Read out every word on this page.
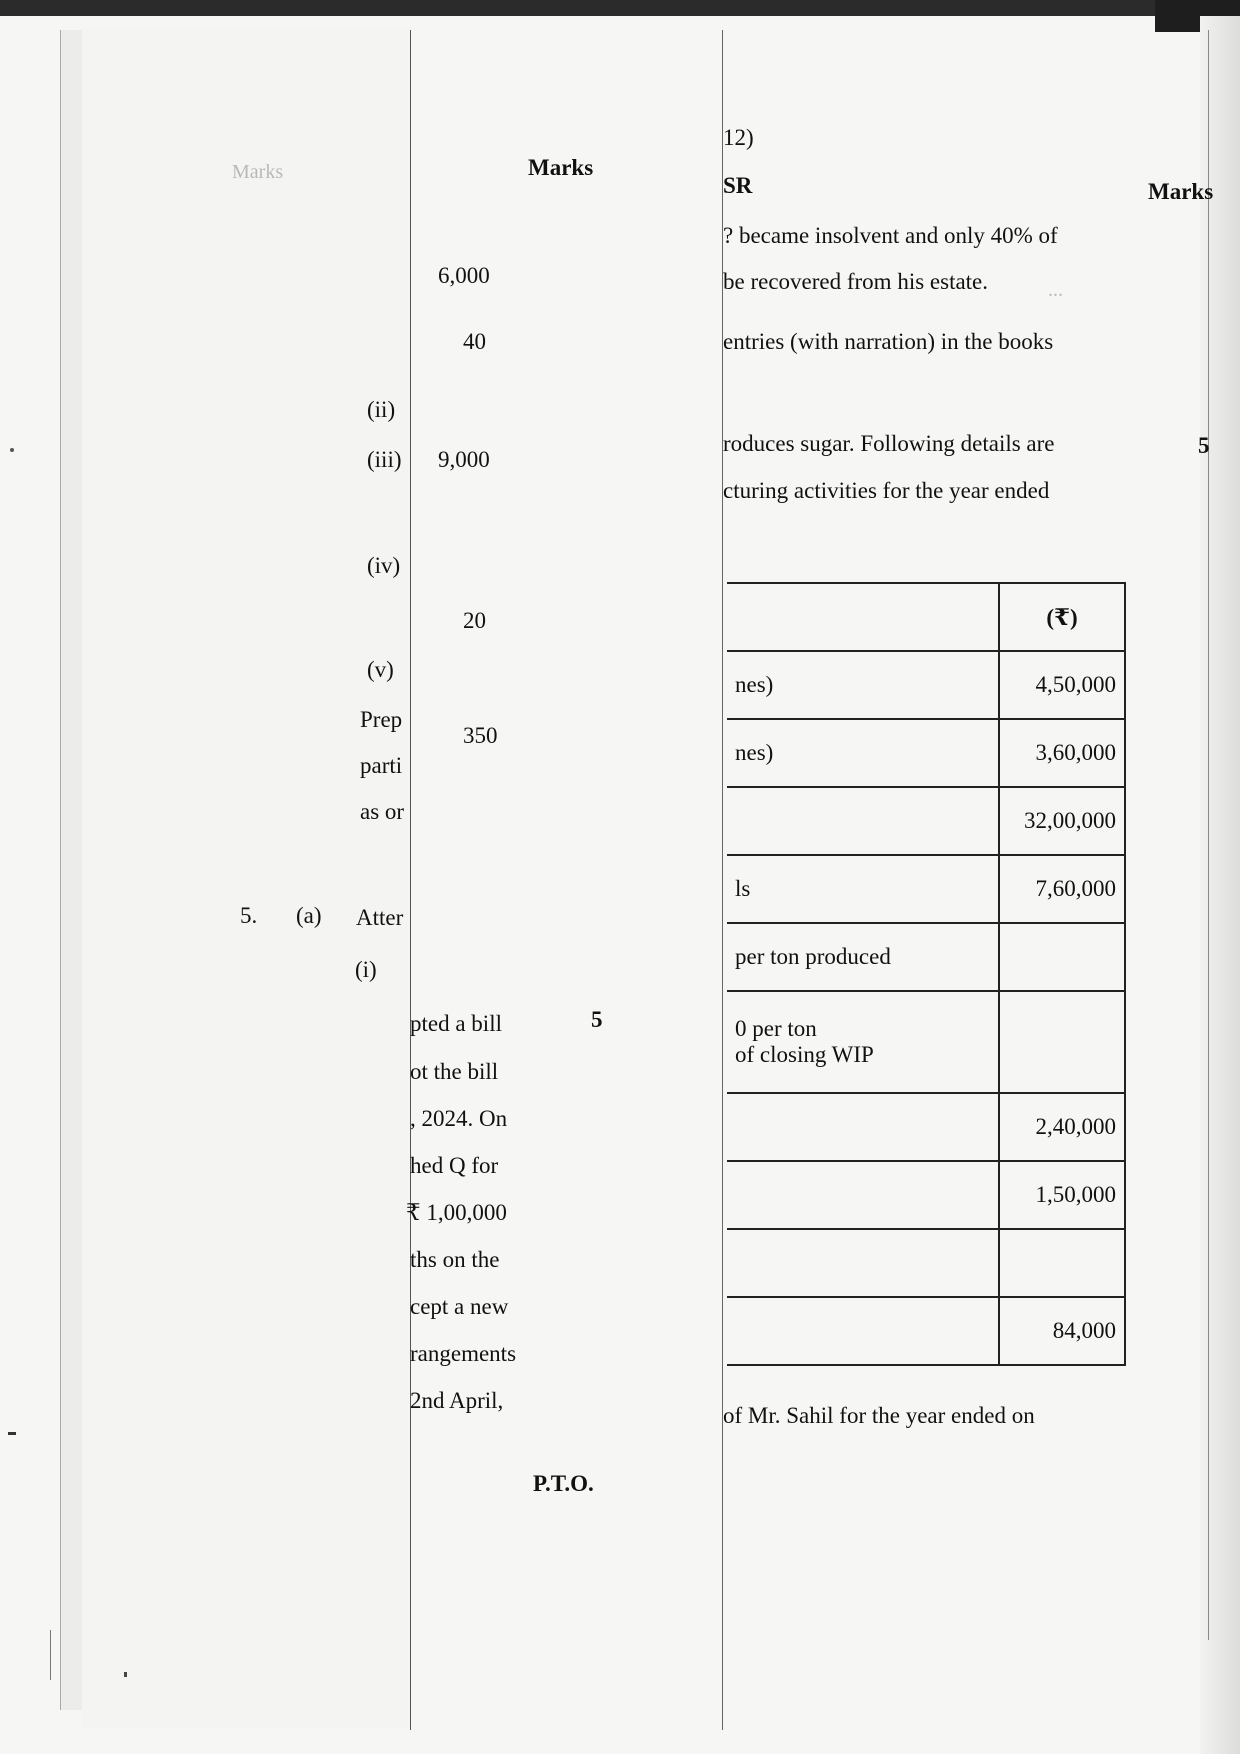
Marks
...
Marks
6,000
40
(ii)
(iii) 9,000
(iv)
20
(v)
Prep
350
parti
as or
5. (a) Atter
(i)
pted a bill	5
ot the bill
, 2024. On
hed Q for
₹ 1,00,000
ths on the
cept a new
rangements
2nd April,
P.T.O.
12)
SR	Marks
? became insolvent and only 40% of
be recovered from his estate.
entries (with narration) in the books
roduces sugar. Following details are	5
cturing activities for the year ended
	(₹)
nes)	4,50,000
nes)	3,60,000
	32,00,000
ls	7,60,000
per ton produced	
0 per ton
of closing WIP	
	2,40,000
	1,50,000

	84,000
of Mr. Sahil for the year ended on
